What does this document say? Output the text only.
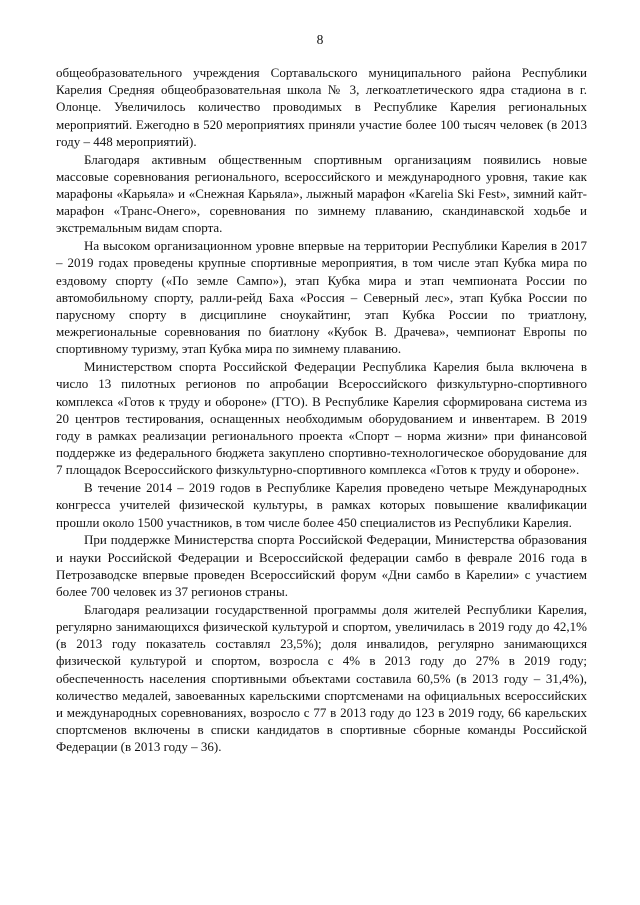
8

общеобразовательного учреждения Сортавальского муниципального района Республики Карелия Средняя общеобразовательная школа № 3, легкоатлетического ядра стадиона в г. Олонце. Увеличилось количество проводимых в Республике Карелия региональных мероприятий. Ежегодно в 520 мероприятиях приняли участие более 100 тысяч человек (в 2013 году – 448 мероприятий).

Благодаря активным общественным спортивным организациям появились новые массовые соревнования регионального, всероссийского и международного уровня, такие как марафоны «Карьяла» и «Снежная Карьяла», лыжный марафон «Karelia Ski Fest», зимний кайт-марафон «Транс-Онего», соревнования по зимнему плаванию, скандинавской ходьбе и экстремальным видам спорта.

На высоком организационном уровне впервые на территории Республики Карелия в 2017 – 2019 годах проведены крупные спортивные мероприятия, в том числе этап Кубка мира по ездовому спорту («По земле Сампо»), этап Кубка мира и этап чемпионата России по автомобильному спорту, ралли-рейд Баха «Россия – Северный лес», этап Кубка России по парусному спорту в дисциплине сноукайтинг, этап Кубка России по триатлону, межрегиональные соревнования по биатлону «Кубок В. Драчева», чемпионат Европы по спортивному туризму, этап Кубка мира по зимнему плаванию.

Министерством спорта Российской Федерации Республика Карелия была включена в число 13 пилотных регионов по апробации Всероссийского физкультурно-спортивного комплекса «Готов к труду и обороне» (ГТО). В Республике Карелия сформирована система из 20 центров тестирования, оснащенных необходимым оборудованием и инвентарем. В 2019 году в рамках реализации регионального проекта «Спорт – норма жизни» при финансовой поддержке из федерального бюджета закуплено спортивно-технологическое оборудование для 7 площадок Всероссийского физкультурно-спортивного комплекса «Готов к труду и обороне».

В течение 2014 – 2019 годов в Республике Карелия проведено четыре Международных конгресса учителей физической культуры, в рамках которых повышение квалификации прошли около 1500 участников, в том числе более 450 специалистов из Республики Карелия.

При поддержке Министерства спорта Российской Федерации, Министерства образования и науки Российской Федерации и Всероссийской федерации самбо в феврале 2016 года в Петрозаводске впервые проведен Всероссийский форум «Дни самбо в Карелии» с участием более 700 человек из 37 регионов страны.

Благодаря реализации государственной программы доля жителей Республики Карелия, регулярно занимающихся физической культурой и спортом, увеличилась в 2019 году до 42,1% (в 2013 году показатель составлял 23,5%); доля инвалидов, регулярно занимающихся физической культурой и спортом, возросла с 4% в 2013 году до 27% в 2019 году; обеспеченность населения спортивными объектами составила 60,5% (в 2013 году – 31,4%), количество медалей, завоеванных карельскими спортсменами на официальных всероссийских и международных соревнованиях, возросло с 77 в 2013 году до 123 в 2019 году, 66 карельских спортсменов включены в списки кандидатов в спортивные сборные команды Российской Федерации (в 2013 году – 36).
